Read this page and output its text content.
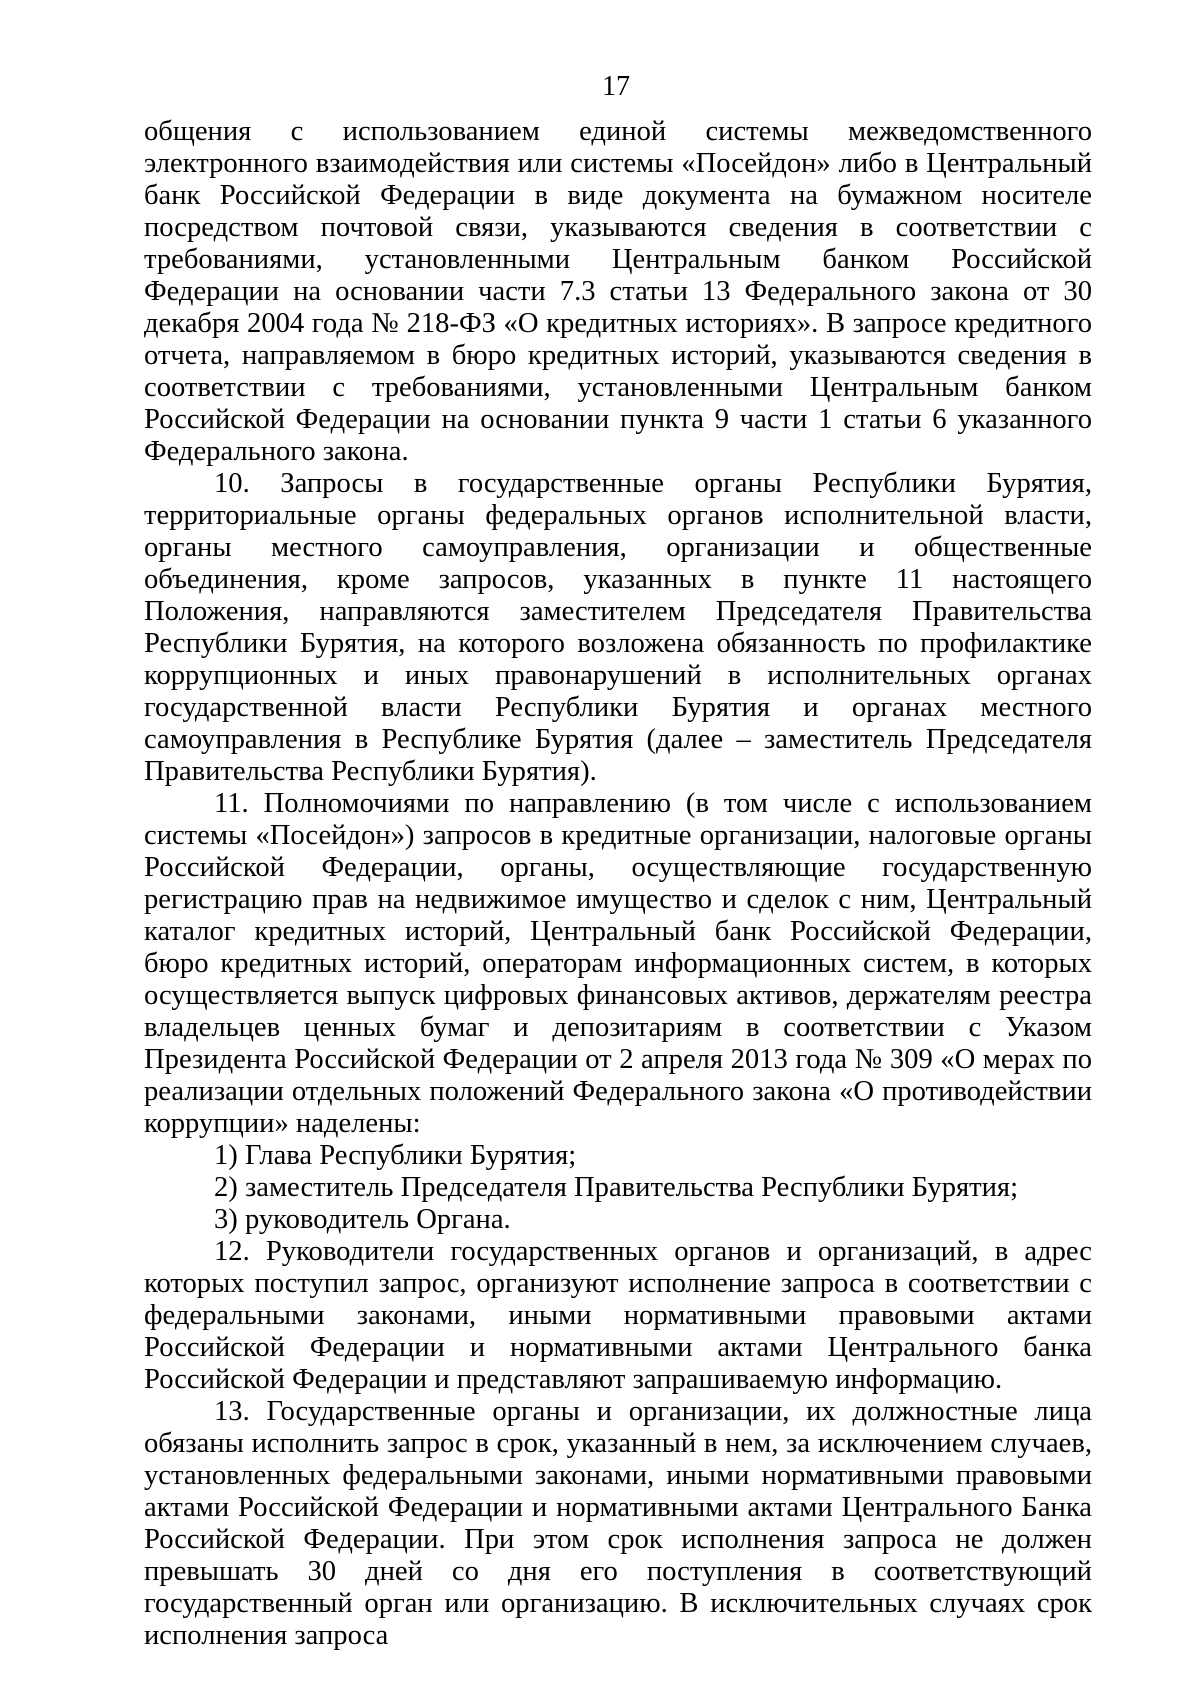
17

общения с использованием единой системы межведомственного электронного взаимодействия или системы «Посейдон» либо в Центральный банк Российской Федерации в виде документа на бумажном носителе посредством почтовой связи, указываются сведения в соответствии с требованиями, установленными Центральным банком Российской Федерации на основании части 7.3 статьи 13 Федерального закона от 30 декабря 2004 года № 218-ФЗ «О кредитных историях». В запросе кредитного отчета, направляемом в бюро кредитных историй, указываются сведения в соответствии с требованиями, установленными Центральным банком Российской Федерации на основании пункта 9 части 1 статьи 6 указанного Федерального закона.

10. Запросы в государственные органы Республики Бурятия, территориальные органы федеральных органов исполнительной власти, органы местного самоуправления, организации и общественные объединения, кроме запросов, указанных в пункте 11 настоящего Положения, направляются заместителем Председателя Правительства Республики Бурятия, на которого возложена обязанность по профилактике коррупционных и иных правонарушений в исполнительных органах государственной власти Республики Бурятия и органах местного самоуправления в Республике Бурятия (далее – заместитель Председателя Правительства Республики Бурятия).

11. Полномочиями по направлению (в том числе с использованием системы «Посейдон») запросов в кредитные организации, налоговые органы Российской Федерации, органы, осуществляющие государственную регистрацию прав на недвижимое имущество и сделок с ним, Центральный каталог кредитных историй, Центральный банк Российской Федерации, бюро кредитных историй, операторам информационных систем, в которых осуществляется выпуск цифровых финансовых активов, держателям реестра владельцев ценных бумаг и депозитариям в соответствии с Указом Президента Российской Федерации от 2 апреля 2013 года № 309 «О мерах по реализации отдельных положений Федерального закона «О противодействии коррупции» наделены:

1) Глава Республики Бурятия;

2) заместитель Председателя Правительства Республики Бурятия;

3) руководитель Органа.

12. Руководители государственных органов и организаций, в адрес которых поступил запрос, организуют исполнение запроса в соответствии с федеральными законами, иными нормативными правовыми актами Российской Федерации и нормативными актами Центрального банка Российской Федерации и представляют запрашиваемую информацию.

13. Государственные органы и организации, их должностные лица обязаны исполнить запрос в срок, указанный в нем, за исключением случаев, установленных федеральными законами, иными нормативными правовыми актами Российской Федерации и нормативными актами Центрального Банка Российской Федерации. При этом срок исполнения запроса не должен превышать 30 дней со дня его поступления в соответствующий государственный орган или организацию. В исключительных случаях срок исполнения запроса
